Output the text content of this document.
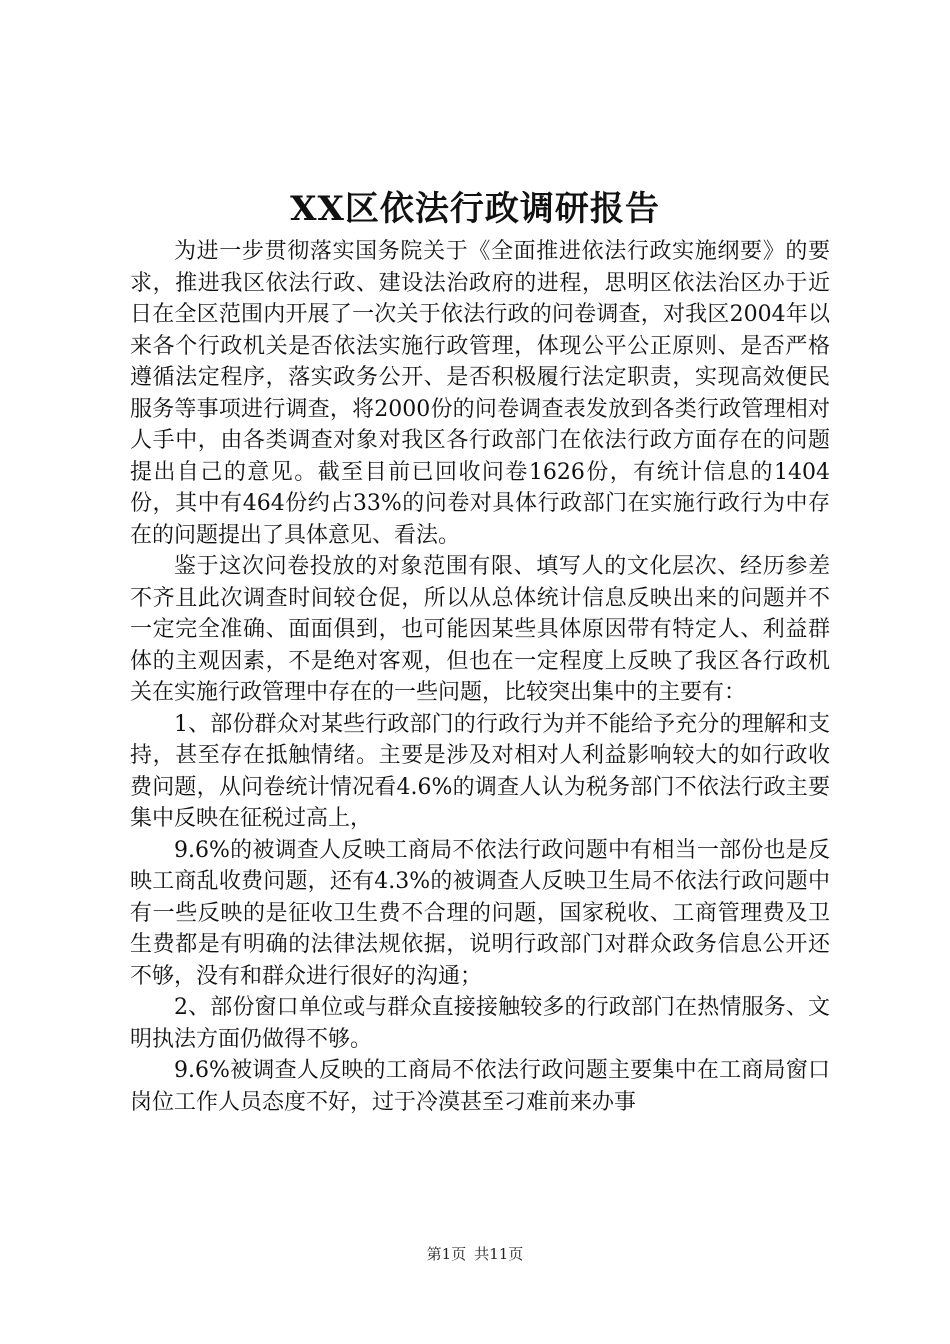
XX区依法行政调研报告

为进一步贯彻落实国务院关于《全面推进依法行政实施纲要》的要求，推进我区依法行政、建设法治政府的进程，思明区依法治区办于近日在全区范围内开展了一次关于依法行政的问卷调查，对我区2004年以来各个行政机关是否依法实施行政管理，体现公平公正原则、是否严格遵循法定程序，落实政务公开、是否积极履行法定职责，实现高效便民服务等事项进行调查，将2000份的问卷调查表发放到各类行政管理相对人手中，由各类调查对象对我区各行政部门在依法行政方面存在的问题提出自己的意见。截至目前已回收问卷1626份，有统计信息的1404份，其中有464份约占33%的问卷对具体行政部门在实施行政行为中存在的问题提出了具体意见、看法。

鉴于这次问卷投放的对象范围有限、填写人的文化层次、经历参差不齐且此次调查时间较仓促，所以从总体统计信息反映出来的问题并不一定完全准确、面面俱到，也可能因某些具体原因带有特定人、利益群体的主观因素，不是绝对客观，但也在一定程度上反映了我区各行政机关在实施行政管理中存在的一些问题，比较突出集中的主要有：

1、部份群众对某些行政部门的行政行为并不能给予充分的理解和支持，甚至存在抵触情绪。主要是涉及对相对人利益影响较大的如行政收费问题，从问卷统计情况看4.6%的调查人认为税务部门不依法行政主要集中反映在征税过高上，

9.6%的被调查人反映工商局不依法行政问题中有相当一部份也是反映工商乱收费问题，还有4.3%的被调查人反映卫生局不依法行政问题中有一些反映的是征收卫生费不合理的问题，国家税收、工商管理费及卫生费都是有明确的法律法规依据，说明行政部门对群众政务信息公开还不够，没有和群众进行很好的沟通；

2、部份窗口单位或与群众直接接触较多的行政部门在热情服务、文明执法方面仍做得不够。

9.6%被调查人反映的工商局不依法行政问题主要集中在工商局窗口岗位工作人员态度不好，过于冷漠甚至刁难前来办事

第1页 共11页
